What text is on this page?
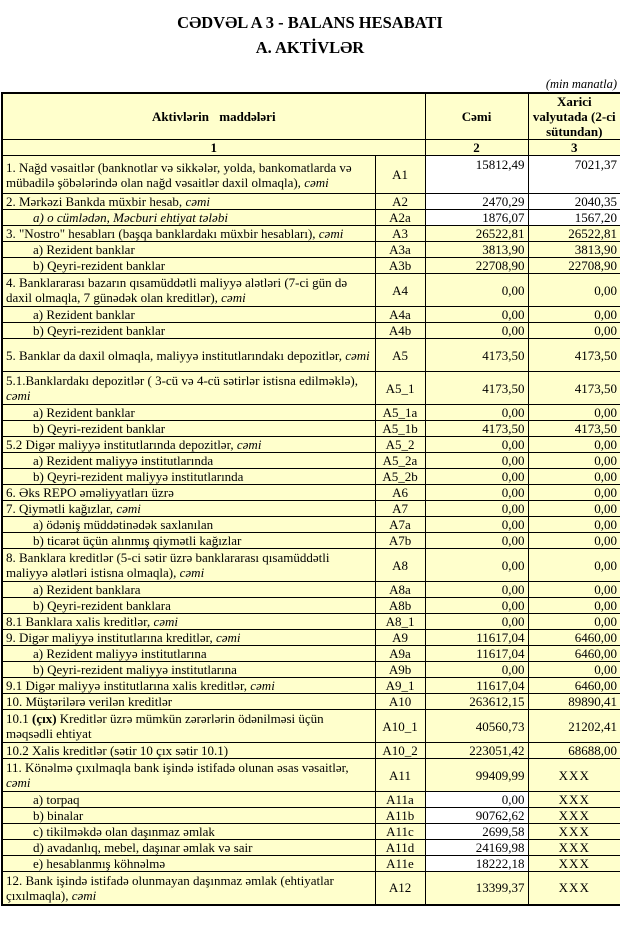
CƏDVƏL A 3 - BALANS HESABATI
A. AKTİVLƏR
(min manatla)
Aktivlərin maddələri		Cəmi	Xarici valyutada (2-ci sütundan)
1		2	3
1. Nağd vəsaitlər (banknotlar və sikkələr, yolda, bankomatlarda və mübadilə şöbələrində olan nağd vəsaitlər daxil olmaqla), cəmi	A1	15812,49	7021,37
2. Mərkəzi Bankda müxbir hesab, cəmi	A2	2470,29	2040,35
a) o cümlədən, Məcburi ehtiyat tələbi	A2a	1876,07	1567,20
3. "Nostro" hesabları (başqa banklardakı müxbir hesabları), cəmi	A3	26522,81	26522,81
a) Rezident banklar	A3a	3813,90	3813,90
b) Qeyri-rezident banklar	A3b	22708,90	22708,90
4. Banklararası bazarın qısamüddətli maliyyə alətləri (7-ci gün də daxil olmaqla, 7 günədək olan kreditlər), cəmi	A4	0,00	0,00
a) Rezident banklar	A4a	0,00	0,00
b) Qeyri-rezident banklar	A4b	0,00	0,00
5. Banklar da daxil olmaqla, maliyyə institutlarındakı depozitlər, cəmi	A5	4173,50	4173,50
5.1.Banklardakı depozitlər ( 3-cü və 4-cü sətirlər istisna edilməklə), cəmi	A5_1	4173,50	4173,50
a) Rezident banklar	A5_1a	0,00	0,00
b) Qeyri-rezident banklar	A5_1b	4173,50	4173,50
5.2 Digər maliyyə institutlarında depozitlər, cəmi	A5_2	0,00	0,00
a) Rezident maliyyə institutlarında	A5_2a	0,00	0,00
b) Qeyri-rezident maliyyə institutlarında	A5_2b	0,00	0,00
6. Əks REPO əməliyyatları üzrə	A6	0,00	0,00
7. Qiymətli kağızlar, cəmi	A7	0,00	0,00
a) ödəniş müddətinədək saxlanılan	A7a	0,00	0,00
b) ticarət üçün alınmış qiymətli kağızlar	A7b	0,00	0,00
8. Banklara kreditlər (5-ci sətir üzrə banklararası qısamüddətli maliyyə alətləri istisna olmaqla), cəmi	A8	0,00	0,00
a) Rezident banklara	A8a	0,00	0,00
b) Qeyri-rezident banklara	A8b	0,00	0,00
8.1 Banklara xalis kreditlər, cəmi	A8_1	0,00	0,00
9. Digər maliyyə institutlarına kreditlər, cəmi	A9	11617,04	6460,00
a) Rezident maliyyə institutlarına	A9a	11617,04	6460,00
b) Qeyri-rezident maliyyə institutlarına	A9b	0,00	0,00
9.1 Digər maliyyə institutlarına xalis kreditlər, cəmi	A9_1	11617,04	6460,00
10. Müştərilərə verilən kreditlər	A10	263612,15	89890,41
10.1 (çıx) Kreditlər üzrə mümkün zərərlərin ödənilməsi üçün məqsədli ehtiyat	A10_1	40560,73	21202,41
10.2 Xalis kreditlər (sətir 10 çıx sətir 10.1)	A10_2	223051,42	68688,00
11. Könəlmə çıxılmaqla bank işində istifadə olunan əsas vəsaitlər, cəmi	A11	99409,99	XXX
a) torpaq	A11a	0,00	XXX
b) binalar	A11b	90762,62	XXX
c) tikilməkdə olan daşınmaz əmlak	A11c	2699,58	XXX
d) avadanlıq, mebel, daşınar əmlak və sair	A11d	24169,98	XXX
e) hesablanmış köhnəlmə	A11e	18222,18	XXX
12. Bank işində istifadə olunmayan daşınmaz əmlak (ehtiyatlar çıxılmaqla), cəmi	A12	13399,37	XXX
